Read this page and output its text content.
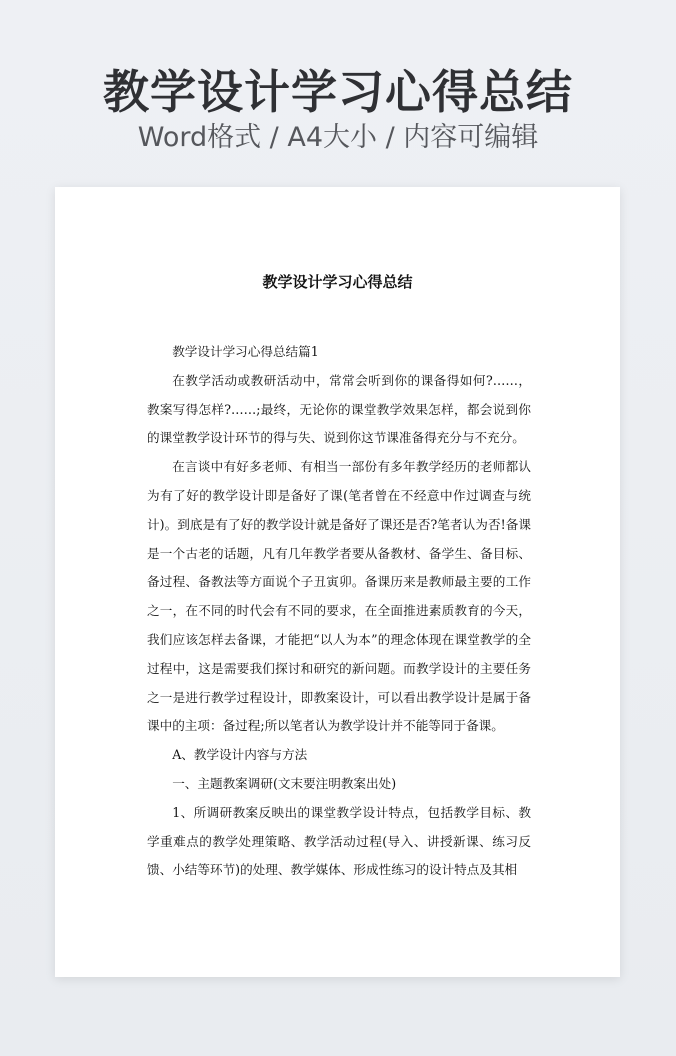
教学设计学习心得总结
Word格式 / A4大小 / 内容可编辑
教学设计学习心得总结

教学设计学习心得总结篇1

在教学活动或教研活动中，常常会听到你的课备得如何?……，教案写得怎样?……;最终，无论你的课堂教学效果怎样，都会说到你的课堂教学设计环节的得与失、说到你这节课准备得充分与不充分。

在言谈中有好多老师、有相当一部份有多年教学经历的老师都认为有了好的教学设计即是备好了课(笔者曾在不经意中作过调查与统计)。到底是有了好的教学设计就是备好了课还是否?笔者认为否!备课是一个古老的话题，凡有几年教学者要从备教材、备学生、备目标、备过程、备教法等方面说个子丑寅卯。备课历来是教师最主要的工作之一，在不同的时代会有不同的要求，在全面推进素质教育的今天，我们应该怎样去备课，才能把“以人为本”的理念体现在课堂教学的全过程中，这是需要我们探讨和研究的新问题。而教学设计的主要任务之一是进行教学过程设计，即教案设计，可以看出教学设计是属于备课中的主项：备过程;所以笔者认为教学设计并不能等同于备课。

A、教学设计内容与方法

一、主题教案调研(文末要注明教案出处)

1、所调研教案反映出的课堂教学设计特点，包括教学目标、教学重难点的教学处理策略、教学活动过程(导入、讲授新课、练习反馈、小结等环节)的处理、教学媒体、形成性练习的设计特点及其相
